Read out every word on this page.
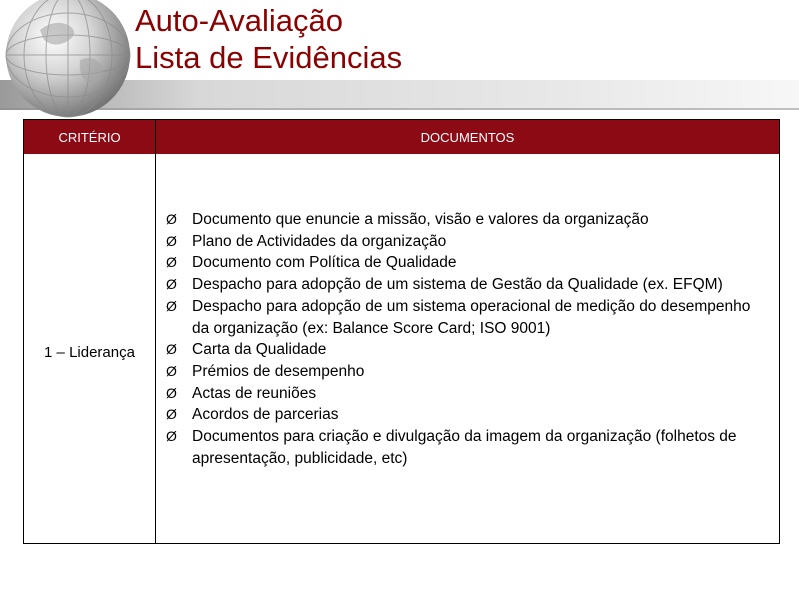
Auto-Avaliação
Lista de Evidências
CRITÉRIO	DOCUMENTOS
1 – Liderança
Ø Documento que enuncie a missão, visão e valores da organização
Ø Plano de Actividades da organização
Ø Documento com Política de Qualidade
Ø Despacho para adopção de um sistema de Gestão da Qualidade (ex. EFQM)
Ø Despacho para adopção de um sistema operacional de medição do desempenho da organização (ex: Balance Score Card; ISO 9001)
Ø Carta da Qualidade
Ø Prémios de desempenho
Ø Actas de reuniões
Ø Acordos de parcerias
Ø Documentos para criação e divulgação da imagem da organização (folhetos de apresentação, publicidade, etc)
